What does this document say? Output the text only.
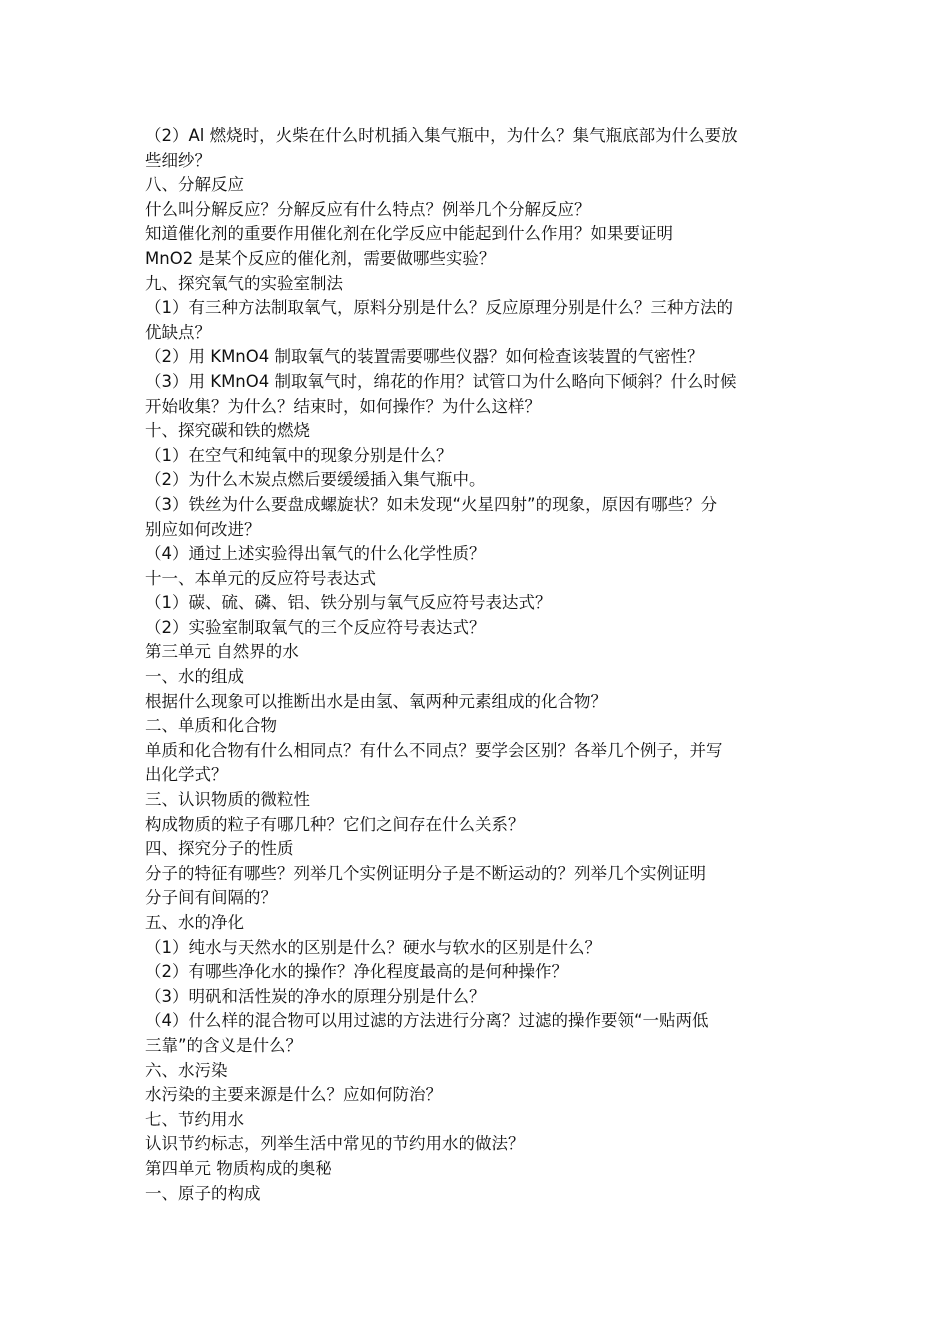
（2）Al 燃烧时，火柴在什么时机插入集气瓶中，为什么？集气瓶底部为什么要放
些细纱？
八、分解反应
什么叫分解反应？分解反应有什么特点？例举几个分解反应？
知道催化剂的重要作用催化剂在化学反应中能起到什么作用？如果要证明
MnO2 是某个反应的催化剂，需要做哪些实验？
九、探究氧气的实验室制法
（1）有三种方法制取氧气，原料分别是什么？反应原理分别是什么？三种方法的
优缺点？
（2）用 KMnO4 制取氧气的装置需要哪些仪器？如何检查该装置的气密性？
（3）用 KMnO4 制取氧气时，绵花的作用？试管口为什么略向下倾斜？什么时候
开始收集？为什么？结束时，如何操作？为什么这样？
十、探究碳和铁的燃烧
（1）在空气和纯氧中的现象分别是什么？
（2）为什么木炭点燃后要缓缓插入集气瓶中。
（3）铁丝为什么要盘成螺旋状？如未发现“火星四射”的现象，原因有哪些？分
别应如何改进？
（4）通过上述实验得出氧气的什么化学性质？
十一、本单元的反应符号表达式
（1）碳、硫、磷、铝、铁分别与氧气反应符号表达式？
（2）实验室制取氧气的三个反应符号表达式？
第三单元 自然界的水
一、水的组成
根据什么现象可以推断出水是由氢、氧两种元素组成的化合物？
二、单质和化合物
单质和化合物有什么相同点？有什么不同点？要学会区别？各举几个例子，并写
出化学式？
三、认识物质的微粒性
构成物质的粒子有哪几种？它们之间存在什么关系？
四、探究分子的性质
分子的特征有哪些？列举几个实例证明分子是不断运动的？列举几个实例证明
分子间有间隔的？
五、水的净化
（1）纯水与天然水的区别是什么？硬水与软水的区别是什么？
（2）有哪些净化水的操作？净化程度最高的是何种操作？
（3）明矾和活性炭的净水的原理分别是什么？
（4）什么样的混合物可以用过滤的方法进行分离？过滤的操作要领“一贴两低
三靠”的含义是什么？
六、水污染
水污染的主要来源是什么？应如何防治？
七、节约用水
认识节约标志，列举生活中常见的节约用水的做法？
第四单元 物质构成的奥秘
一、原子的构成
